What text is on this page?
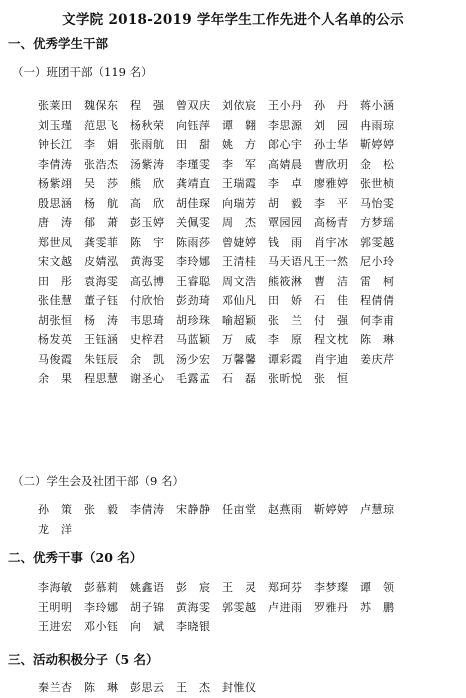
文学院 2018-2019 学年学生工作先进个人名单的公示
一、优秀学生干部
（一）班团干部（119 名）
张莱田 魏保东 程　强 曾双庆 刘依宸 王小丹 孙　丹 蒋小涵
刘玉瑾 范思飞 杨秋荣 向钰萍 谭　翱 李思源 刘　园 冉雨琼
钟长江 李　娟 张雨航 田　甜 姚　方 郎心宇 孙士华 靳婷婷
李倩涛 张浩杰 汤紫涛 李瑾雯 李　军 高婧晨 曹欣玥 金　松
杨紫翊 吴　莎 熊　欣 龚靖直 王瑞霞 李　卓 廖雅婷 张世桢
殷思涵 杨　航 高　欣 胡佳琛 向瑞芳 胡　毅 李　平 马怡雯
唐　涛 郁　萧 彭玉婷 关佩雯 周　杰 覃园园 高杨青 方梦瑶
郑世凤 龚雯菲 陈　宇 陈雨莎 曾婕婷 钱　雨 肖宇冰 郭雯越
宋文越 皮婧泓 黄海雯 李玲娜 王清桂 马天语凡王一然 尼小玲
田　彤 袁海雯 高弘博 王睿聪 周文浩 熊筱淋 曹　洁 雷　柯
张佳慧 董子钰 付欣怡 彭劲琦 邓仙凡 田　娇 石　佳 程倩倩
胡张恒 杨　涛 韦思琦 胡珍珠 喻超颖 张　兰 付　强 何李甫
杨发英 王钰涵 史梓君 马蓝颖 万　威 李　原 程文枕 陈　琳
马俊霞 朱钰辰 余　凯 汤少宏 万馨馨 谭彩霞 肖宇迪 姜庆芹
余　果 程思慧 谢圣心 毛露孟 石　磊 张昕悦 张　恒
（二）学生会及社团干部（9 名）
孙　策 张　毅 李倩涛 宋静静 任亩堂 赵燕雨 靳婷婷 卢慧琼
龙　洋
二、优秀干事（20 名）
李海敏 彭慕莉 姚鑫语 彭　宸 王　灵 郑珂芬 李梦璨 谭　领
王明明 李玲娜 胡子锦 黄海雯 郭雯越 卢进雨 罗雅丹 苏　鹏
王进宏 邓小钰 向　斌 李晓银
三、活动积极分子（5 名）
秦兰杏 陈　琳 彭思云 王　杰 封惟仪
